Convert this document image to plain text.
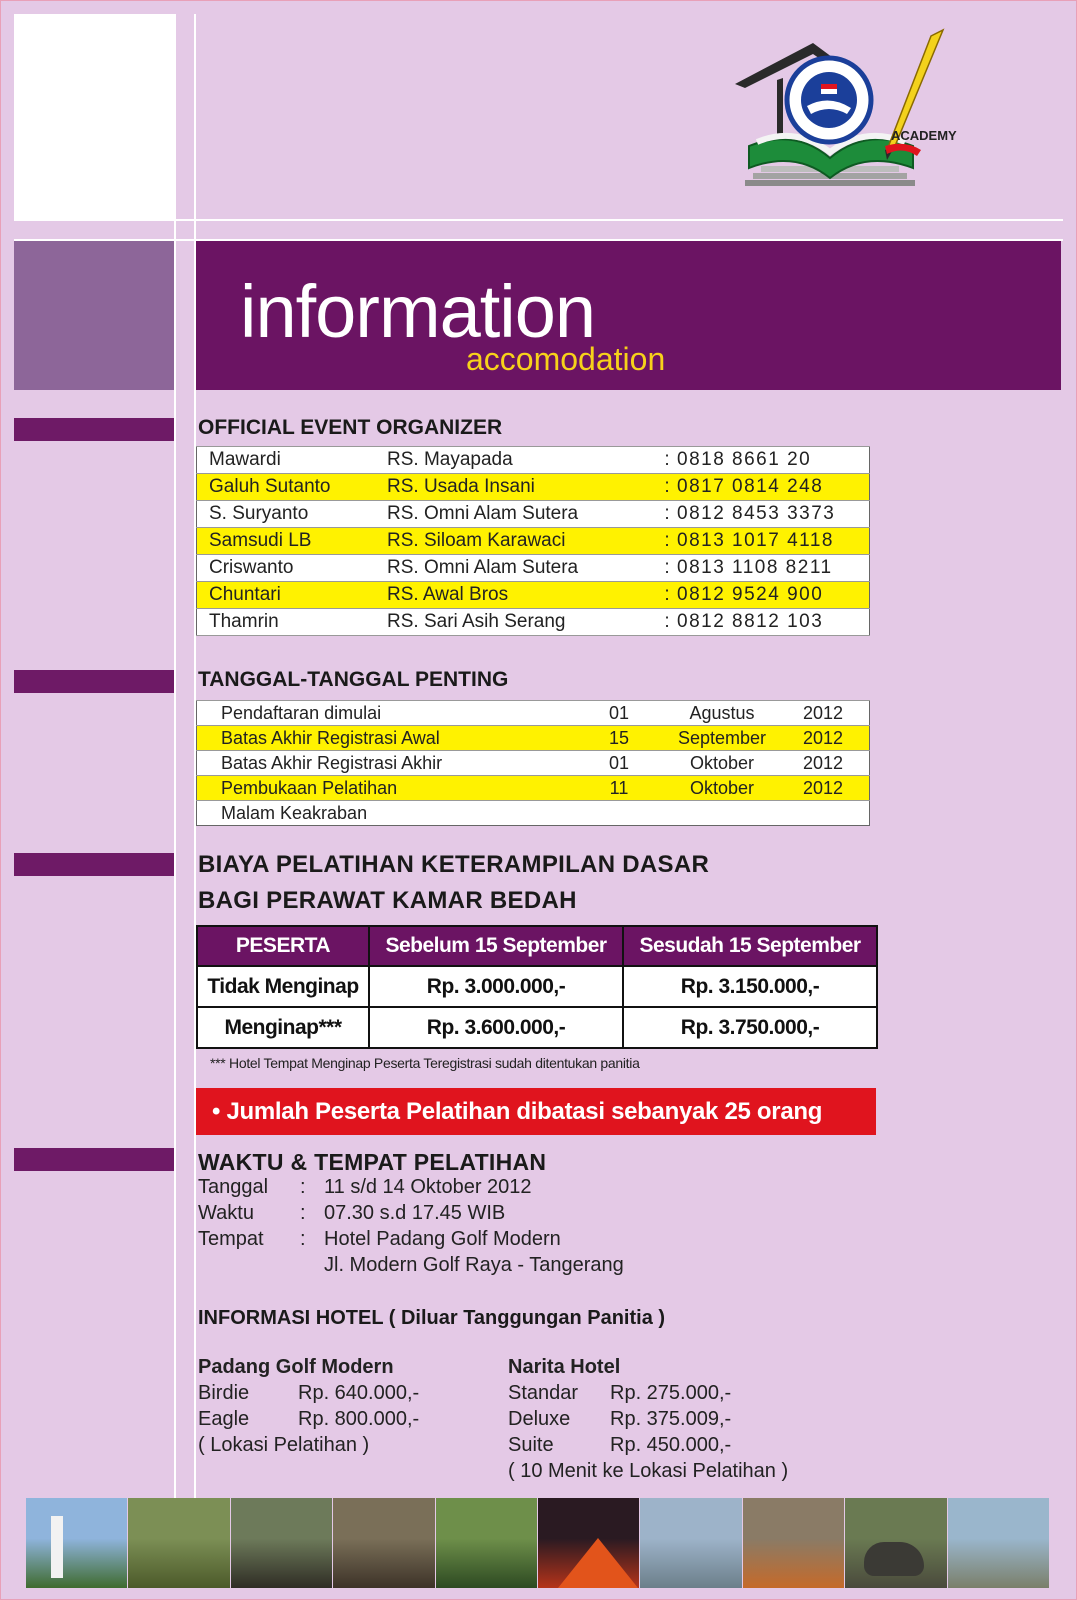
ACADEMY
information
accomodation
OFFICIAL EVENT ORGANIZER
Mawardi	RS. Mayapada	:	0818 8661 20
Galuh Sutanto	RS. Usada Insani	:	0817 0814 248
S. Suryanto	RS. Omni Alam Sutera	:	0812 8453 3373
Samsudi LB	RS. Siloam Karawaci	:	0813 1017 4118
Criswanto	RS. Omni Alam Sutera	:	0813 1108 8211
Chuntari	RS. Awal Bros	:	0812 9524 900
Thamrin	RS. Sari Asih Serang	:	0812 8812 103
TANGGAL-TANGGAL PENTING
Pendaftaran dimulai	01	Agustus	2012
Batas Akhir Registrasi Awal	15	September	2012
Batas Akhir Registrasi Akhir	01	Oktober	2012
Pembukaan Pelatihan	11	Oktober	2012
Malam Keakraban			
BIAYA PELATIHAN KETERAMPILAN DASAR
BAGI PERAWAT KAMAR BEDAH
PESERTA	Sebelum 15 September	Sesudah 15 September
Tidak Menginap	Rp. 3.000.000,-	Rp. 3.150.000,-
Menginap***	Rp. 3.600.000,-	Rp. 3.750.000,-
*** Hotel Tempat Menginap Peserta Teregistrasi sudah ditentukan panitia
• Jumlah Peserta Pelatihan dibatasi sebanyak 25 orang
WAKTU & TEMPAT PELATIHAN
Tanggal : 11 s/d 14 Oktober 2012
Waktu : 07.30 s.d 17.45 WIB
Tempat : Hotel Padang Golf Modern
Jl. Modern Golf Raya - Tangerang
INFORMASI HOTEL ( Diluar Tanggungan Panitia )
Padang Golf Modern
Birdie Rp. 640.000,-
Eagle Rp. 800.000,-
( Lokasi Pelatihan )
Narita Hotel
Standar Rp. 275.000,-
Deluxe Rp. 375.009,-
Suite	Rp. 450.000,-
( 10 Menit ke Lokasi Pelatihan )
